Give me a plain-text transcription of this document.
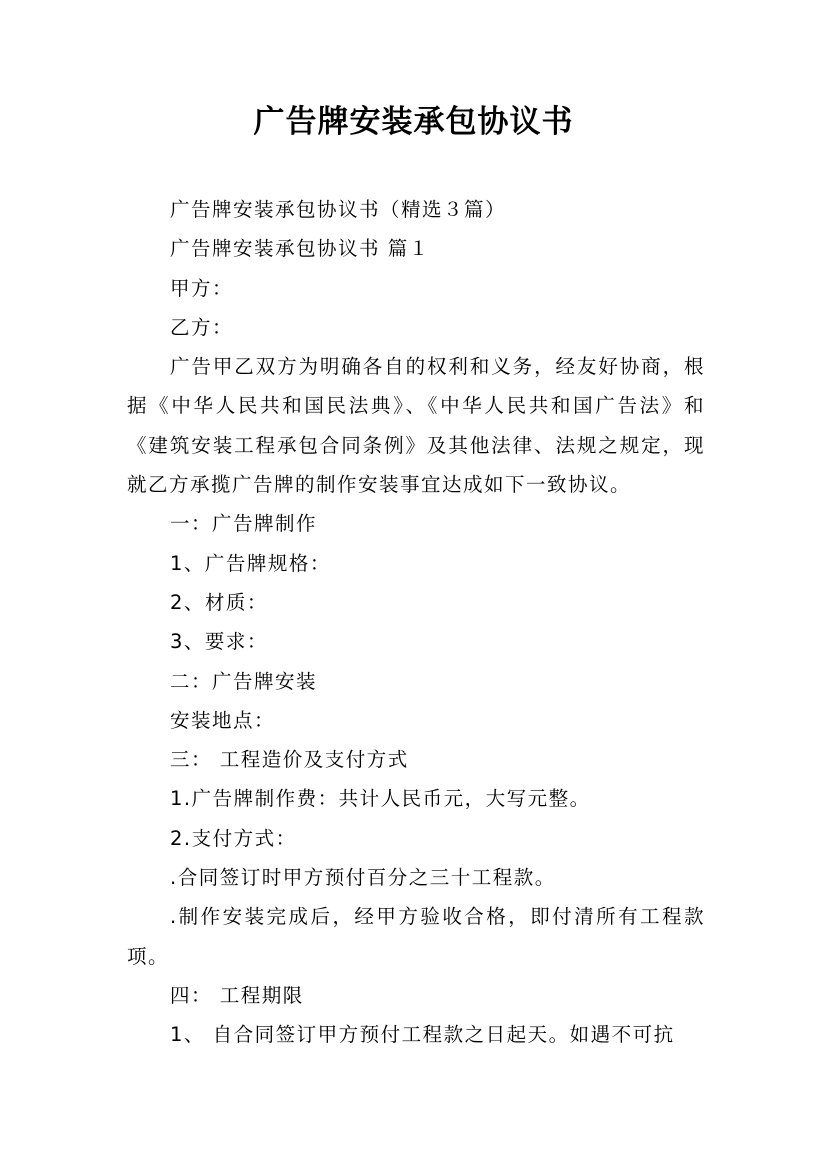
广告牌安装承包协议书

广告牌安装承包协议书（精选３篇）

广告牌安装承包协议书 篇１

甲方：

乙方：

广告甲乙双方为明确各自的权利和义务，经友好协商，根据《中华人民共和国民法典》、《中华人民共和国广告法》和《建筑安装工程承包合同条例》及其他法律、法规之规定，现就乙方承揽广告牌的制作安装事宜达成如下一致协议。

一：广告牌制作

1、广告牌规格：

2、材质：

3、要求：

二：广告牌安装

安装地点：

三： 工程造价及支付方式

1.广告牌制作费：共计人民币元，大写元整。

2.支付方式：

.合同签订时甲方预付百分之三十工程款。

.制作安装完成后，经甲方验收合格，即付清所有工程款项。

四： 工程期限

1、 自合同签订甲方预付工程款之日起天。如遇不可抗
